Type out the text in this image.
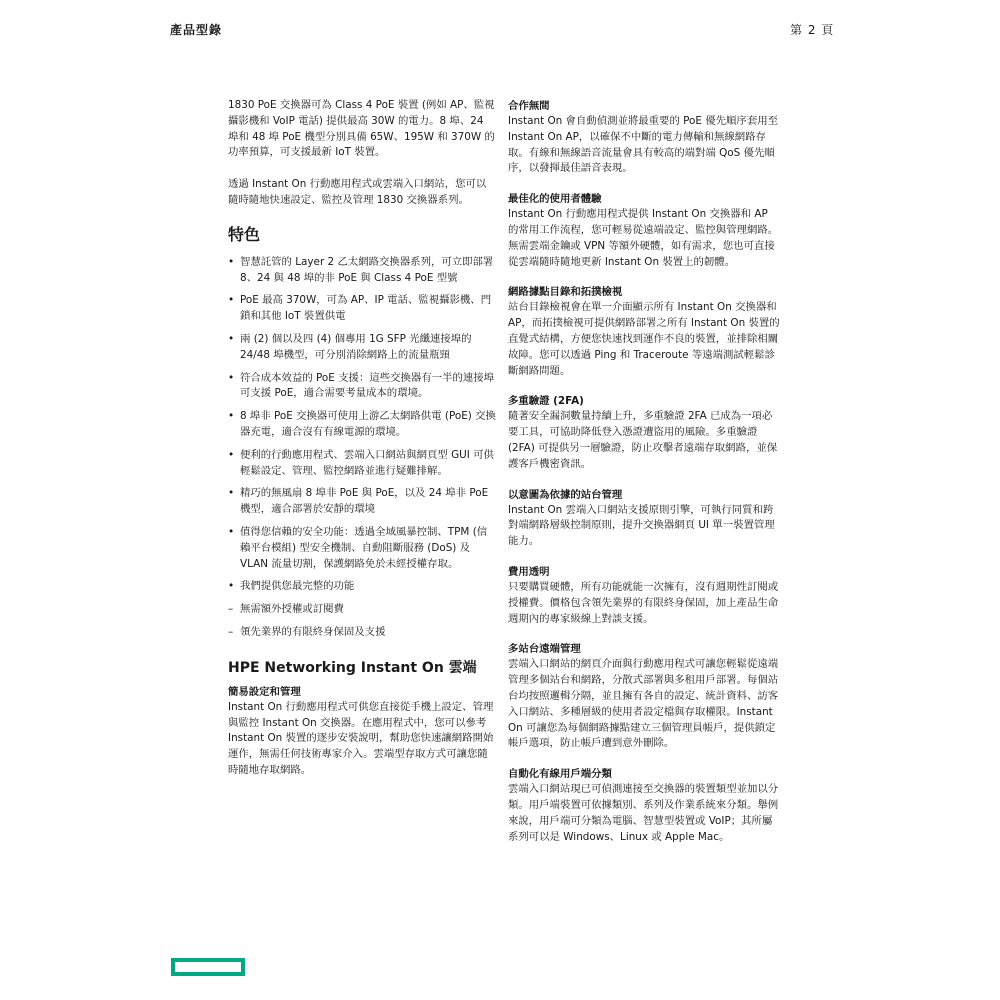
產品型錄	第 2 頁

1830 PoE 交換器可為 Class 4 PoE 裝置 (例如 AP、監視攝影機和 VoIP 電話) 提供最高 30W 的電力。8 埠、24 埠和 48 埠 PoE 機型分別具備 65W、195W 和 370W 的功率預算，可支援最新 IoT 裝置。

透過 Instant On 行動應用程式或雲端入口網站，您可以隨時隨地快速設定、監控及管理 1830 交換器系列。

特色
• 智慧託管的 Layer 2 乙太網路交換器系列，可立即部署 8、24 與 48 埠的非 PoE 與 Class 4 PoE 型號
• PoE 最高 370W，可為 AP、IP 電話、監視攝影機、門鎖和其他 IoT 裝置供電
• 兩 (2) 個以及四 (4) 個專用 1G SFP 光纖連接埠的 24/48 埠機型，可分別消除網路上的流量瓶頸
• 符合成本效益的 PoE 支援：這些交換器有一半的連接埠可支援 PoE，適合需要考量成本的環境。
• 8 埠非 PoE 交換器可使用上游乙太網路供電 (PoE) 交換器充電，適合沒有有線電源的環境。
• 便利的行動應用程式、雲端入口網站與網頁型 GUI 可供輕鬆設定、管理、監控網路並進行疑難排解。
• 精巧的無風扇 8 埠非 PoE 與 PoE，以及 24 埠非 PoE 機型，適合部署於安靜的環境
• 值得您信賴的安全功能：透過全域風暴控制、TPM (信賴平台模組) 型安全機制、自動阻斷服務 (DoS) 及 VLAN 流量切割，保護網路免於未經授權存取。
• 我們提供您最完整的功能
– 無需額外授權或訂閱費
– 領先業界的有限終身保固及支援
HPE Networking Instant On 雲端
簡易設定和管理

Instant On 行動應用程式可供您直接從手機上設定、管理與監控 Instant On 交換器。在應用程式中，您可以參考 Instant On 裝置的逐步安裝說明，幫助您快速讓網路開始運作，無需任何技術專家介入。雲端型存取方式可讓您隨時隨地存取網路。

合作無間

Instant On 會自動偵測並將最重要的 PoE 優先順序套用至 Instant On AP，以確保不中斷的電力傳輸和無線網路存取。有線和無線語音流量會具有較高的端對端 QoS 優先順序，以發揮最佳語音表現。

最佳化的使用者體驗

Instant On 行動應用程式提供 Instant On 交換器和 AP 的常用工作流程，您可輕易從遠端設定、監控與管理網路。無需雲端金鑰或 VPN 等額外硬體，如有需求，您也可直接從雲端隨時隨地更新 Instant On 裝置上的韌體。

網路據點目錄和拓撲檢視

站台目錄檢視會在單一介面顯示所有 Instant On 交換器和 AP，而拓撲檢視可提供網路部署之所有 Instant On 裝置的直覺式結構，方便您快速找到運作不良的裝置，並排除相關故障。您可以透過 Ping 和 Traceroute 等遠端測試輕鬆診斷網路問題。

多重驗證 (2FA)

隨著安全漏洞數量持續上升，多重驗證 2FA 已成為一項必要工具，可協助降低登入憑證遭盜用的風險。多重驗證 (2FA) 可提供另一層驗證，防止攻擊者遠端存取網路，並保護客戶機密資訊。

以意圖為依據的站台管理

Instant On 雲端入口網站支援原則引擎，可執行同質和跨對端網路層級控制原則，提升交換器網頁 UI 單一裝置管理能力。

費用透明

只要購買硬體，所有功能就能一次擁有，沒有週期性訂閱或授權費。價格包含領先業界的有限終身保固，加上產品生命週期內的專家級線上對談支援。

多站台遠端管理

雲端入口網站的網頁介面與行動應用程式可讓您輕鬆從遠端管理多個站台和網路，分散式部署與多租用戶部署。每個站台均按照邏輯分隔，並且擁有各自的設定、統計資料、訪客入口網站、多種層級的使用者設定檔與存取權限。Instant On 可讓您為每個網路據點建立三個管理員帳戶，提供鎖定帳戶選項，防止帳戶遭到意外刪除。

自動化有線用戶端分類

雲端入口網站現已可偵測連接至交換器的裝置類型並加以分類。用戶端裝置可依據類別、系列及作業系統來分類。舉例來說，用戶端可分類為電腦、智慧型裝置或 VoIP；其所屬系列可以是 Windows、Linux 或 Apple Mac。
